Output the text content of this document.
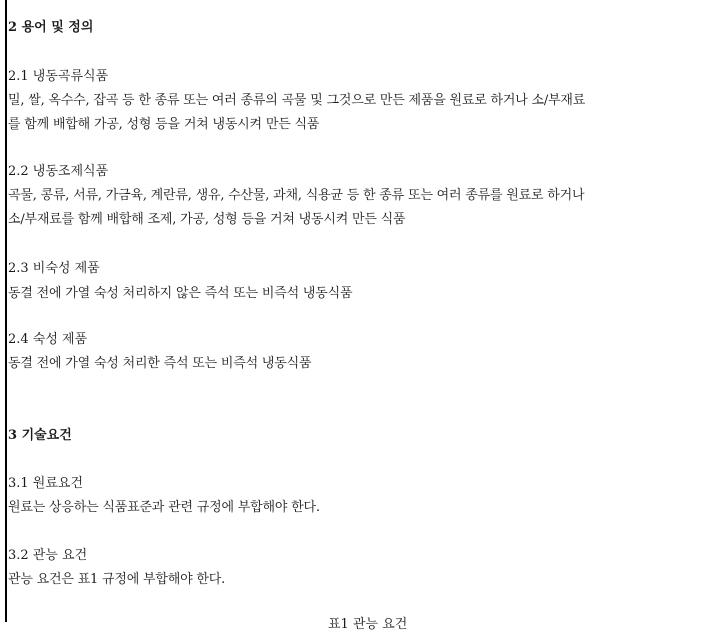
2 용어 및 정의
2.1 냉동곡류식품
밀, 쌀, 옥수수, 잡곡 등 한 종류 또는 여러 종류의 곡물 및 그것으로 만든 제품을 원료로 하거나 소/부재료
를 함께 배합해 가공, 성형 등을 거쳐 냉동시켜 만든 식품
2.2 냉동조제식품
곡물, 콩류, 서류, 가금육, 계란류, 생유, 수산물, 과채, 식용균 등 한 종류 또는 여러 종류를 원료로 하거나
소/부재료를 함께 배합해 조제, 가공, 성형 등을 거쳐 냉동시켜 만든 식품
2.3 비숙성 제품
동결 전에 가열 숙성 처리하지 않은 즉석 또는 비즉석 냉동식품
2.4 숙성 제품
동결 전에 가열 숙성 처리한 즉석 또는 비즉석 냉동식품
3 기술요건
3.1 원료요건
원료는 상응하는 식품표준과 관련 규정에 부합해야 한다.
3.2 관능 요건
관능 요건은 표1 규정에 부합해야 한다.
표1 관능 요건
